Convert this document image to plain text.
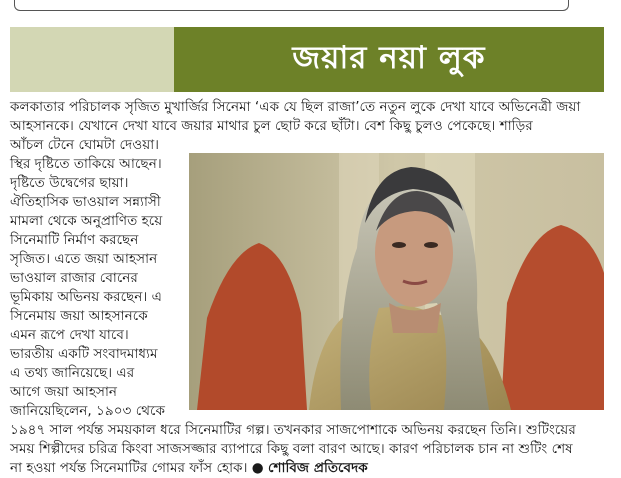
জয়ার নয়া লুক
কলকাতার পরিচালক সৃজিত মুখার্জির সিনেমা ‘এক যে ছিল রাজা’তে নতুন লুকে দেখা যাবে অভিনেত্রী জয়া
আহসানকে। যেখানে দেখা যাবে জয়ার মাথার চুল ছোট করে ছাঁটা। বেশ কিছু চুলও পেকেছে। শাড়ির
আঁচল টেনে ঘোমটা দেওয়া।
স্থির দৃষ্টিতে তাকিয়ে আছেন।
দৃষ্টিতে উদ্বেগের ছায়া।
ঐতিহাসিক ভাওয়াল সন্ন্যাসী
মামলা থেকে অনুপ্রাণিত হয়ে
সিনেমাটি নির্মাণ করছেন
সৃজিত। এতে জয়া আহসান
ভাওয়াল রাজার বোনের
ভূমিকায় অভিনয় করছেন। এ
সিনেমায় জয়া আহসানকে
এমন রূপে দেখা যাবে।
ভারতীয় একটি সংবাদমাধ্যম
এ তথ্য জানিয়েছে। এর
আগে জয়া আহসান
জানিয়েছিলেন, ১৯০৩ থেকে
১৯৪৭ সাল পর্যন্ত সময়কাল ধরে সিনেমাটির গল্প। তখনকার সাজপোশাকে অভিনয় করছেন তিনি। শুটিংয়ের
সময় শিল্পীদের চরিত্র কিংবা সাজসজ্জার ব্যাপারে কিছু বলা বারণ আছে। কারণ পরিচালক চান না শুটিং শেষ
না হওয়া পর্যন্ত সিনেমাটির গোমর ফাঁস হোক। ● শোবিজ প্রতিবেদক
